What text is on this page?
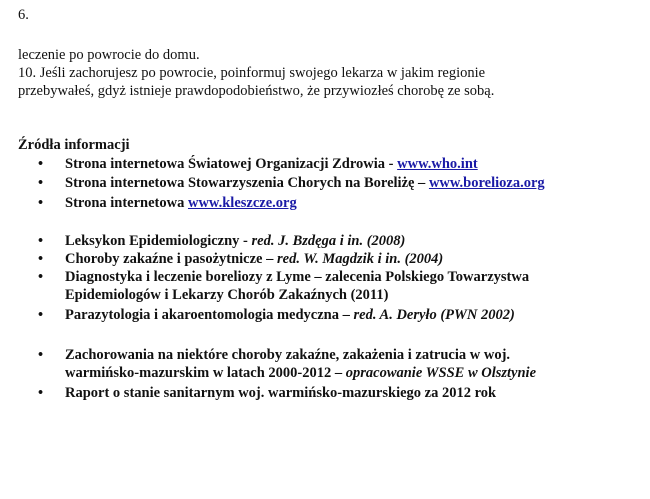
6.
leczenie po powrocie do domu.
10. Jeśli zachorujesz po powrocie, poinformuj swojego lekarza w jakim regionie
przebywałeś, gdyż istnieje prawdopodobieństwo, że przywiozłeś chorobę ze sobą.
Źródła informacji
•	Strona internetowa Światowej Organizacji Zdrowia - www.who.int
•	Strona internetowa Stowarzyszenia Chorych na Boreliżę – www.borelioza.org
•	Strona internetowa www.kleszcze.org
•	Leksykon Epidemiologiczny - red. J. Bzdęga i in. (2008)
•	Choroby zakaźne i pasożytnicze – red. W. Magdzik i in. (2004)
•	Diagnostyka i leczenie boreliozy z Lyme – zalecenia Polskiego Towarzystwa
Epidemiologów i Lekarzy Chorób Zakaźnych (2011)
•	Parazytologia i akaroentomologia medyczna – red. A. Deryło (PWN 2002)
•	Zachorowania na niektóre choroby zakaźne, zakażenia i zatrucia w woj.
warmińsko-mazurskim w latach 2000-2012 – opracowanie WSSE w Olsztynie
•	Raport o stanie sanitarnym woj. warmińsko-mazurskiego za 2012 rok
